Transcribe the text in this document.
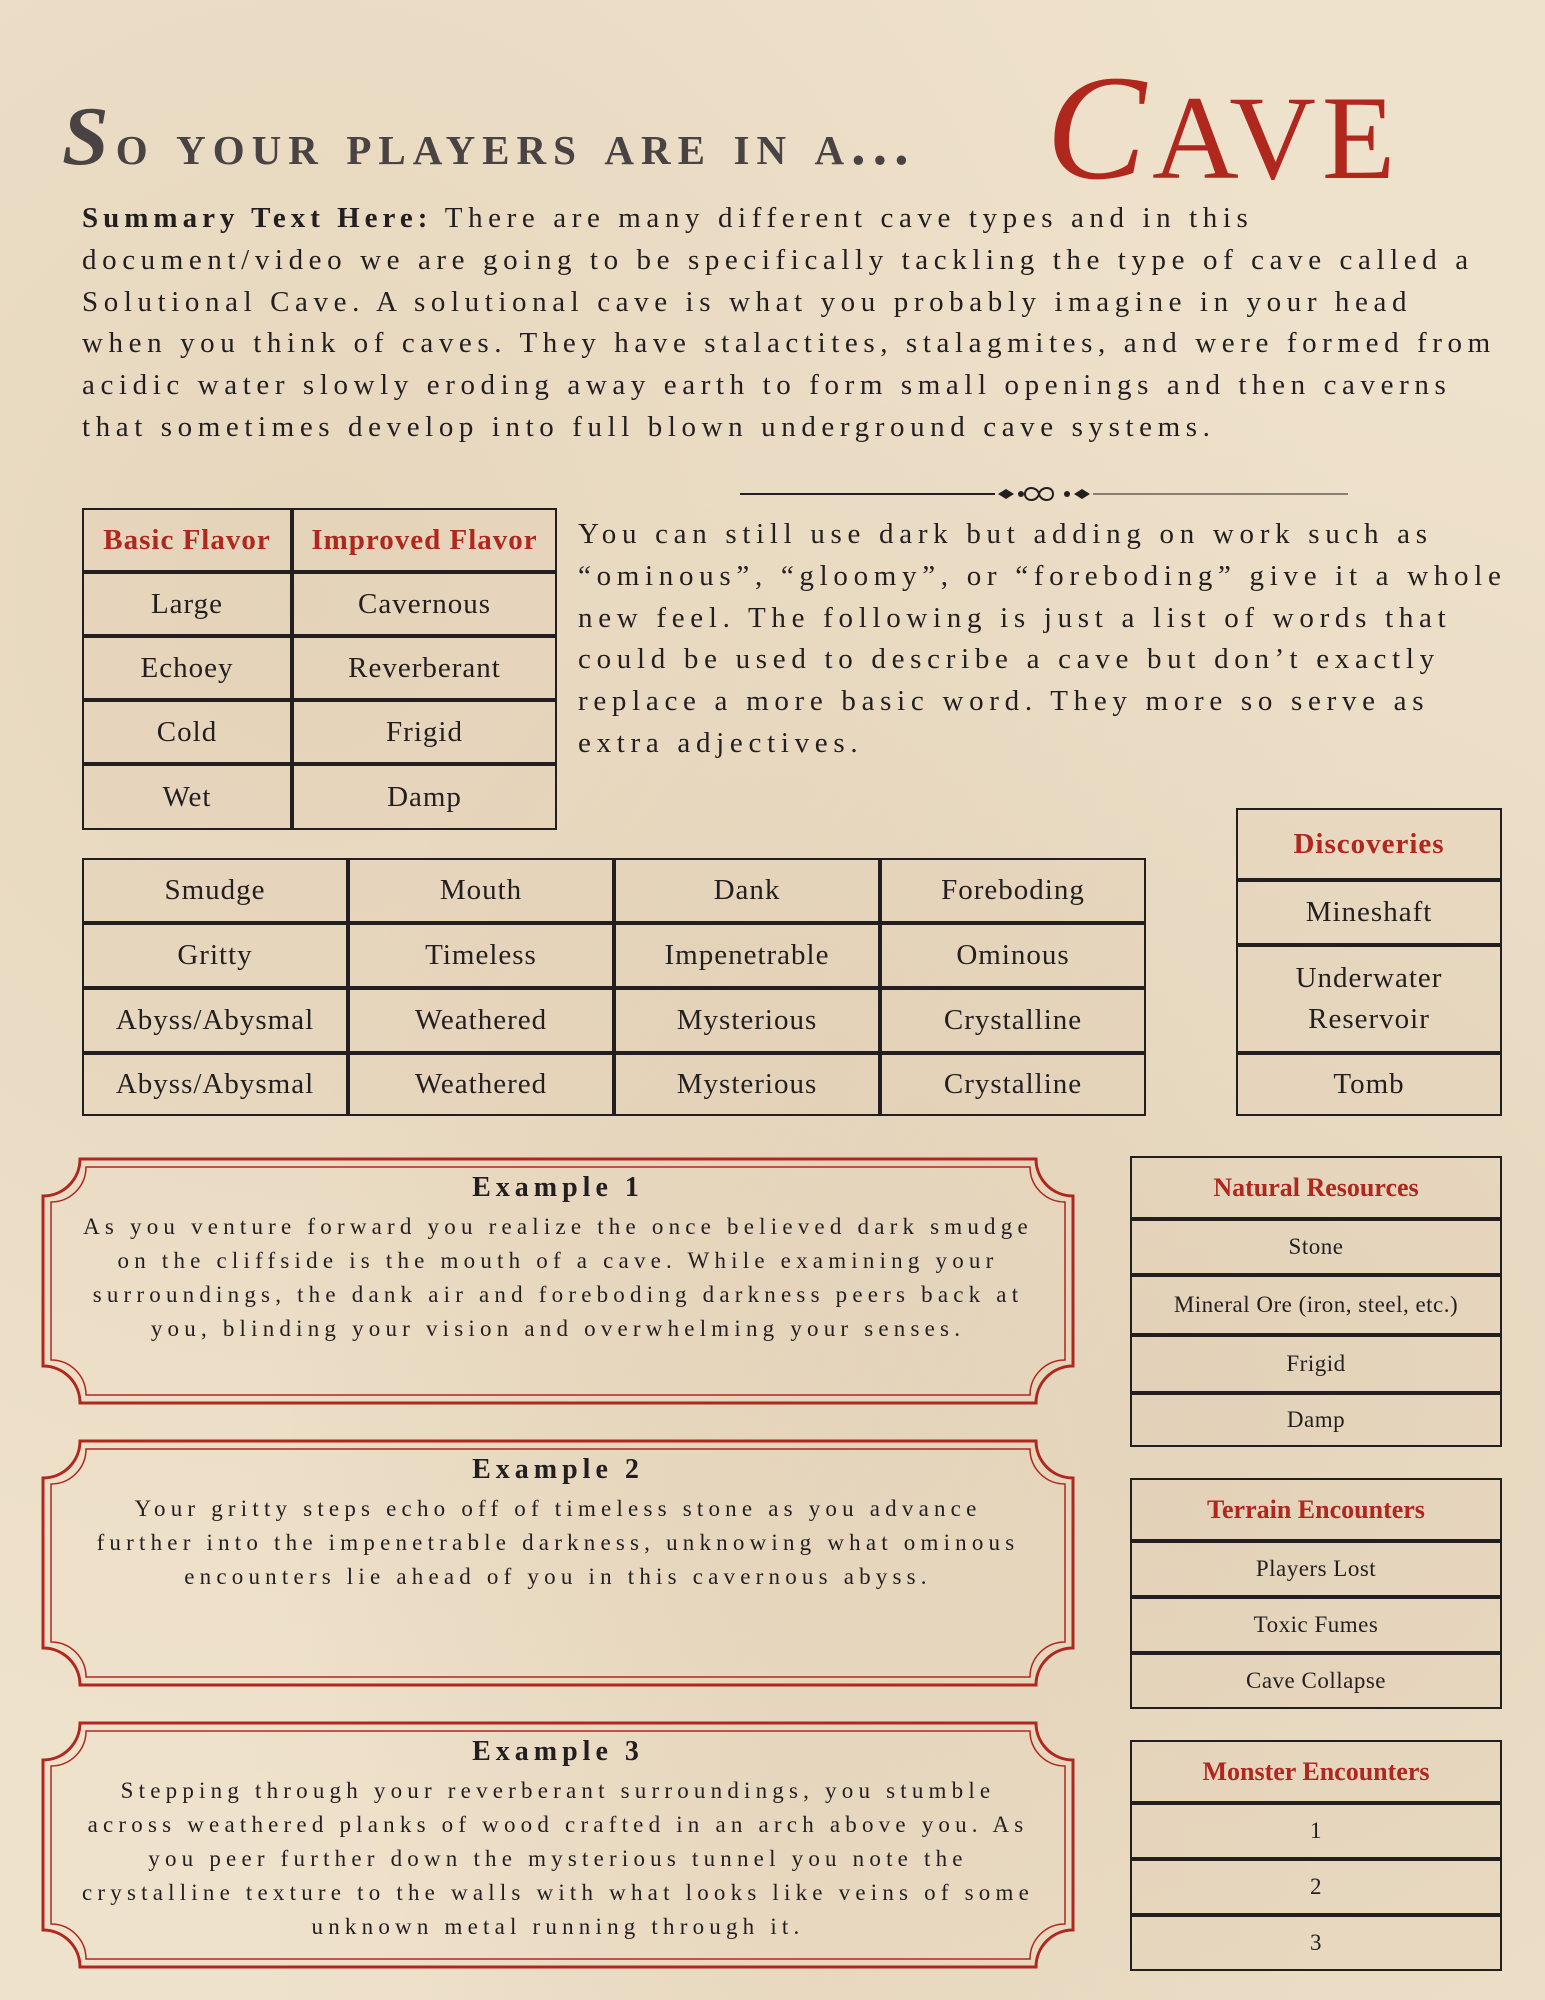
So your players are in a... CAVE
Summary Text Here: There are many different cave types and in this document/video we are going to be specifically tackling the type of cave called a Solutional Cave. A solutional cave is what you probably imagine in your head when you think of caves. They have stalactites, stalagmites, and were formed from acidic water slowly eroding away earth to form small openings and then caverns that sometimes develop into full blown underground cave systems.
You can still use dark but adding on work such as “ominous”, “gloomy”, or “foreboding” give it a whole new feel. The following is just a list of words that could be used to describe a cave but don’t exactly replace a more basic word. They more so serve as extra adjectives.
Basic Flavor	Improved Flavor
Large	Cavernous
Echoey	Reverberant
Cold	Frigid
Wet	Damp
Smudge	Mouth	Dank	Foreboding
Gritty	Timeless	Impenetrable	Ominous
Abyss/Abysmal	Weathered	Mysterious	Crystalline
Abyss/Abysmal	Weathered	Mysterious	Crystalline
Discoveries
Mineshaft
Underwater Reservoir
Tomb
Natural Resources
Stone
Mineral Ore (iron, steel, etc.)
Frigid
Damp
Terrain Encounters
Players Lost
Toxic Fumes
Cave Collapse
Monster Encounters
1
2
3
Example 1
As you venture forward you realize the once believed dark smudge on the cliffside is the mouth of a cave. While examining your surroundings, the dank air and foreboding darkness peers back at you, blinding your vision and overwhelming your senses.
Example 2
Your gritty steps echo off of timeless stone as you advance further into the impenetrable darkness, unknowing what ominous encounters lie ahead of you in this cavernous abyss.
Example 3
Stepping through your reverberant surroundings, you stumble across weathered planks of wood crafted in an arch above you. As you peer further down the mysterious tunnel you note the crystalline texture to the walls with what looks like veins of some unknown metal running through it.
